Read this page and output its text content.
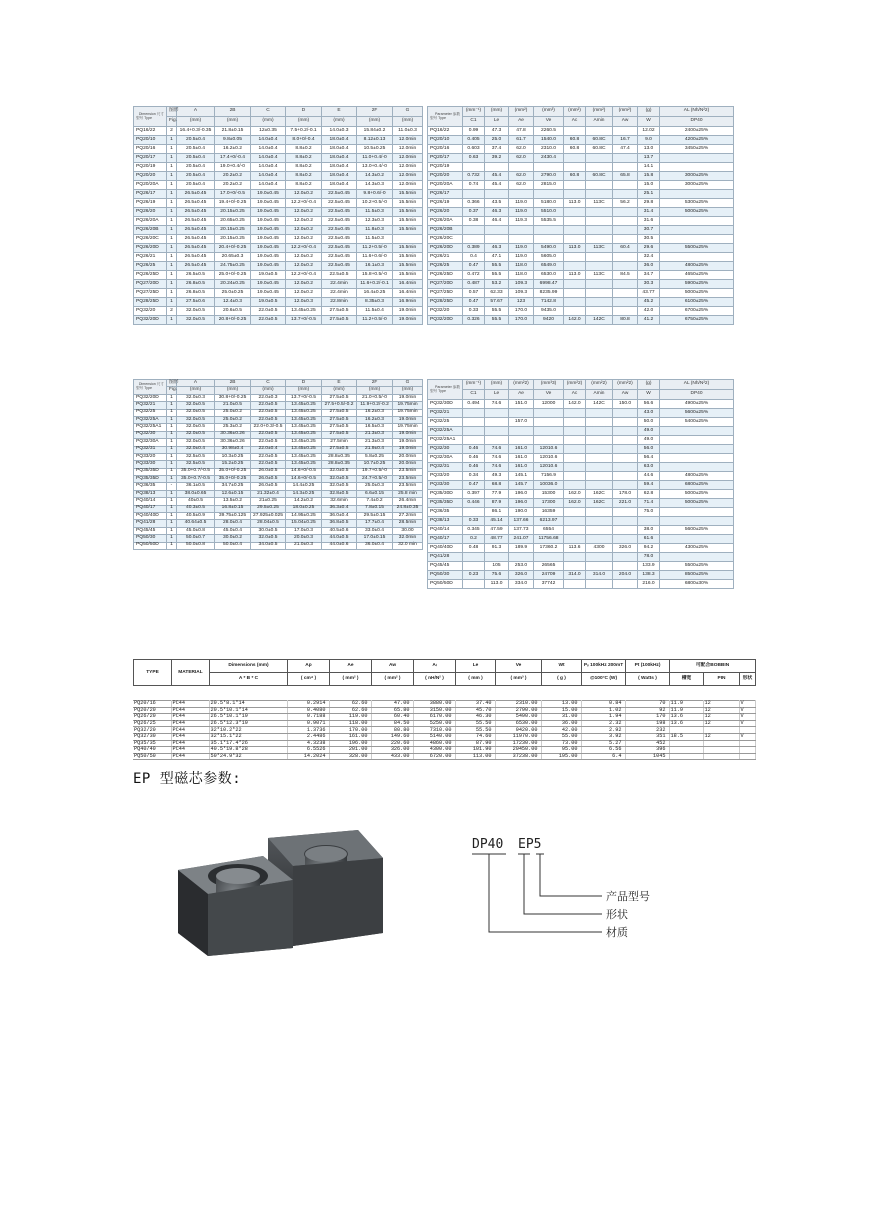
Dimension 尺寸
型号 Type	图形	A	2B	C	D	E	2F	G
	Fig.	(mm)	(mm)	(mm)	(mm)	(mm)	(mm)	(mm)
PQ16/22	2	16.4+0.3/-0.35	21.8±0.15	12±0.35	7.5+0.2/-0.1	14.0±0.3	15.84±0.2	11.0±0.3
PQ20/10	1	20.5±0.4	9.8±0.05	14.0±0.4	8.0+0/-0.4	18.0±0.4	8.12±0.13	12.0min
PQ20/16	1	20.5±0.4	16.2±0.2	14.0±0.4	8.8±0.2	18.0±0.4	10.5±0.25	12.0min
PQ20/17	1	20.5±0.4	17.4+0/-0.4	14.0±0.4	8.8±0.2	18.0±0.4	11.0+0.4/-0	12.0min
PQ20/19	1	20.5±0.4	19.0+0.4/-0	14.0±0.4	8.8±0.2	18.0±0.4	13.0+0.4/-0	12.0min
PQ20/20	1	20.5±0.4	20.2±0.2	14.0±0.4	8.8±0.2	18.0±0.4	14.3±0.2	12.0min
PQ20/20A	1	20.5±0.4	20.2±0.2	14.0±0.4	8.8±0.2	18.0±0.4	14.3±0.3	12.0min
PQ26/17	1	26.5±0.45	17.0+0/-0.5	19.0±0.45	12.0±0.2	22.5±0.45	9.8+0.6/-0	15.5min
PQ26/19	1	26.5±0.45	19.4+0/-0.25	19.0±0.45	12.2+0/-0.4	22.5±0.45	10.2+0.5/-0	15.5min
PQ26/20	1	26.5±0.45	20.15±0.25	19.0±0.45	12.0±0.2	22.5±0.45	11.5±0.3	15.5min
PQ26/20A	1	26.5±0.45	20.65±0.25	19.0±0.45	12.0±0.2	22.5±0.45	12.3±0.3	15.5min
PQ26/20B	1	26.5±0.45	20.15±0.25	19.0±0.45	12.0±0.2	22.5±0.45	11.8±0.3	15.5min
PQ26/20C	1	26.5±0.45	20.15±0.25	19.0±0.45	12.0±0.2	22.5±0.45	11.5±0.3	
PQ26/20D	1	26.5±0.45	20.4+0/-0.25	19.0±0.45	12.2+0/-0.4	22.5±0.45	11.2+0.5/-0	15.5min
PQ26/21	1	26.5±0.45	20.65±0.3	19.0±0.45	12.0±0.2	22.5±0.45	11.6+0.6/-0	15.5min
PQ26/25	1	26.5±0.45	24.75±0.25	19.0±0.45	12.0±0.2	22.5±0.45	16.1±0.3	15.5min
PQ26/25D	1	26.5±0.5	25.0+0/-0.25	19.0±0.5	12.2+0/-0.4	22.5±0.5	15.8+0.5/-0	15.5min
PQ27/20D	1	26.8±0.5	20.24±0.25	19.0±0.45	12.0±0.2	22.4min	11.6+0.2/-0.1	16.4min
PQ27/25D	1	26.8±0.5	25.0±0.25	19.0±0.45	12.0±0.2	22.4min	16.4±0.25	16.4min
PQ28/25D	1	27.5±0.6	12.4±0.3	19.0±0.5	12.0±0.3	22.8min	8.35±0.3	16.9min
PQ32/20	2	32.0±0.5	20.6±0.5	22.0±0.5	13.45±0.25	27.5±0.5	11.5±0.4	19.0min
PQ32/20D	1	32.0±0.5	20.8+0/-0.25	22.0±0.5	13.7+0/-0.5	27.5±0.5	11.2+0.5/-0	19.0min
Parameter 参数
型号 Type	(mm⁻¹)	(mm)	(mm²)	(mm³)	(mm²)	(mm²)	(mm²)	(g)	AL (Nh/N²2)
	C1	Le	Ae	Ve	Ac	Amin	Aw	W	DP40
PQ16/22	0.99	47.3	47.8	2260.5				12.02	2400±25%
PQ20/10	0.405	25.0	61.7	1540.0	60.8	60.8C	16.7	9.0	4200±25%
PQ20/16	0.603	37.4	62.0	2310.0	60.8	60.8C	47.4	13.0	3450±25%
PQ20/17	0.63	39.2	62.0	2430.4				13.7	
PQ20/19								14.1	
PQ20/20	0.732	45.4	62.0	2790.0	60.8	60.8C	65.8	15.8	3000±25%
PQ20/20A	0.74	45.4	62.0	2815.0				15.0	3000±25%
PQ26/17								25.1	
PQ26/19	0.366	43.5	119.0	5180.0	113.0	113C	56.2	29.8	5300±25%
PQ26/20	0.37	46.3	119.0	5510.0				31.4	5000±25%
PQ26/20A	0.38	46.4	119.3	5535.5				31.6	
PQ26/20B								30.7	
PQ26/20C								30.5	
PQ26/20D	0.389	46.3	119.0	5490.0	113.0	113C	60.4	29.6	5500±25%
PQ26/21	0.4	47.1	119.0	5605.0				32.4	
PQ26/25	0.47	55.5	118.0	6549.0				36.0	4800±25%
PQ26/25D	0.472	55.5	118.0	6530.0	113.0	113C	84.5	34.7	4650±25%
PQ27/20D	0.487	53.2	109.3	6998.47				30.3	5900±25%
PQ27/25D	0.57	62.33	109.3	8235.99				43.77	5000±25%
PQ28/25D	0.47	57.67	123	7142.8				45.2	6100±25%
PQ32/20	0.33	55.5	170.0	9435.0				42.0	6700±25%
PQ32/20D	0.326	55.5	170.0	9420	142.0	142C	80.8	41.2	6750±25%
Dimension 尺寸
型号 Type	图形	A	2B	C	D	E	2F	G
	Fig.	(mm)	(mm)	(mm)	(mm)	(mm)	(mm)	(mm)
PQ32/20D	1	32.0±0.3	30.8+0/-0.25	22.0±0.3	13.7+0/-0.5	27.5±0.5	21.0+0.5/-0	19.0min
PQ32/21	1	32.0±0.5	21.0±0.5	22.0±0.5	13.45±0.25	27.5+0.5/-0.2	11.9+0.2/-0.2	19.75min
PQ32/25	1	32.0±0.5	25.0±0.2	22.0±0.5	13.45±0.25	27.5±0.5	16.2±0.3	19.75min
PQ32/25A	1	32.0±0.5	25.0±0.2	22.0±0.5	13.45±0.25	27.5±0.5	16.2±0.3	19.0min
PQ32/25A1	1	32.0±0.5	25.3±0.2	22.0+0.3/-0.5	13.45±0.25	27.5±0.5	16.5±0.3	19.75min
PQ32/30	1	32.0±0.5	30.36±0.26	22.0±0.5	13.45±0.25	27.5±0.5	21.3±0.3	19.0min
PQ32/30A	1	32.0±0.5	30.36±0.26	22.0±0.5	13.45±0.25	27.5min	21.3±0.3	19.0min
PQ32/31	1	32.0±0.4	30.98±0.4	22.0±0.4	13.45±0.25	27.5±0.5	21.9±0.4	19.0min
PQ33/20	1	32.5±0.5	10.3±0.25	22.0±0.5	13.45±0.25	28.8±0.35	5.8±0.25	20.0min
PQ33/30	1	32.5±0.5	15.2±0.25	22.0±0.5	13.45±0.25	28.8±0.35	10.7±0.25	20.0min
PQ35/35D	1	35.0+0.7/-0.5	35.0+0/-0.25	26.0±0.5	14.6+0/-0.5	32.0±0.5	19.7+0.5/-0	23.5min
PQ35/35D	1	35.0+0.7/-0.5	35.0+0/-0.25	26.0±0.5	14.6+0/-0.5	32.0±0.5	24.7+0.5/-0	23.5min
PQ36/35	-	36.1±0.5	34.7±0.25	26.0±0.5	14.4±0.25	32.0±0.5	25.0±0.3	23.5min
PQ38/13	1	38.0±0.65	12.6±0.15	21.32±0.4	14.3±0.25	32.8±0.5	6.6±0.15	25.8 min
PQ40/14	1	40±0.5	13.5±0.2	21±0.25	14.2±0.2	32.6min	7.4±0.2	26.4min
PQ40/17	1	40.3±0.5	16.8±0.15	29.5±0.25	18.0±0.25	36.3±0.4	7.8±0.15	24.8±0.35
PQ40/40D	1	40.5±0.9	39.75±0.125	27.925±0.025	14.95±0.25	36.0±0.4	29.5±0.15	27.2min
PQ41/28	1	40.64±0.5	28.0±0.4	28.04±0.5	15.04±0.25	36.8±0.5	17.7±0.4	28.5min
PQ45/45	1	45.0±0.8	45.0±0.4	30.0±0.5	17.0±0.3	40.5±0.6	33.0±0.4	30.00
PQ50/30	1	50.0±0.7	30.0±0.2	32.0±0.5	20.0±0.3	44.0±0.5	17.0±0.15	32.0min
PQ50/50D	1	50.0±0.8	50.0±0.4	34.0±0.5	21.0±0.3	44.0±0.6	36.0±0.4	32.0 min
Parameter 参数
型号 Type	(mm⁻¹)	(mm)	(mm²2)	(mm³3)	(mm²2)	(mm²2)	(mm²2)	(g)	AL (Nh/N²2)
	C1	Le	Ae	Ve	Ac	Amin	Aw	W	DP40
PQ32/30D	0.494	74.6	151.0	12000	142.0	142C	150.0	56.6	4900±25%
PQ32/21								43.0	5600±25%
PQ32/25			157.0					50.0	5400±25%
PQ32/25A								49.0	
PQ32/25A1								49.0	
PQ32/30	0.46	74.6	161.0	12010.6				56.0	
PQ32/30A	0.46	74.6	161.0	12010.6				56.4	
PQ32/31	0.46	74.6	161.0	12010.6				63.0	
PQ33/20	0.34	49.3	145.1	7156.9				44.6	4800±25%
PQ33/30	0.47	68.8	145.7	10036.0				59.4	6800±25%
PQ35/30D	0.397	77.9	196.0	15300	162.0	162C	178.0	62.8	5000±25%
PQ35/35D	0.446	87.9	196.0	17300	162.0	162C	221.0	71.4	5000±25%
PQ36/35		86.1	190.0	16359				75.0	
PQ38/13	0.33	45.14	137.66	6213.97					
PQ40/14	0.345	47.59	137.73	6554				38.0	5600±25%
PQ40/17	0.2	48.77	241.07	11756.68				61.6	
PQ40/40D	0.48	91.3	189.9	17360.2	113.6	4300	326.0	94.2	4300±25%
PQ41/28								78.0	
PQ45/45		105	253.0	26565				133.9	5500±25%
PQ50/30	0.23	75.6	326.0	24709	314.0	314.0	204.0	138.3	8500±25%
PQ50/50D		113.0	334.0	37742				216.0	6800±30%
TYPE	MATERIAL	Dimensions (mm)	Ap	Ae	Aw	Aₗ	Le	Ve	Wt	Pᵥ 100kHz 200mT	Pt (100kHz)	可配合BOBBIN		
		A * B * C	( cm⁴ )	( mm² )	( mm² )	( nH/N² )	( mm )	( mm³ )	( g )	@100°C (W)	( Watts )	槽宽	PIN	形状
PQ20/16	PC44	20.5*8.1*14	0.2914	62.60	47.00	3880.00	37.40	2310.00	13.00	0.84	70	11.9	12	V
PQ20/20	PC44	20.5*10.1*14	0.4080	62.60	65.80	3150.00	45.70	2790.00	15.00	1.02	92	11.9	12	V
PQ26/20	PC44	26.5*10.1*19	0.7188	119.00	60.40	6170.00	46.30	5490.00	31.00	1.94	170	13.6	12	V
PQ26/25	PC44	26.5*12.3*19	0.9071	118.00	84.50	5250.00	55.50	6530.00	36.00	2.32	198	13.6	12	V
PQ32/20	PC44	32*10.2*22	1.3736	170.00	80.80	7310.00	55.50	9420.00	42.00	2.92	232			
PQ32/30	PC44	32*15.1*22	2.4486	161.00	149.60	5140.00	74.60	11970.00	55.00	3.92	351	18.5	12	V
PQ35/35	PC44	35.1*17.4*26	4.3238	196.00	220.60	4860.00	87.90	17230.00	73.00	5.27	452			
PQ40/40	PC44	40.5*19.8*28	6.5526	201.00	326.00	4300.00	101.90	20450.00	95.00	6.56	396			
PQ50/50	PC44	50*24.9*32	14.2024	328.00	433.00	6720.00	113.00	37238.00	195.00	6.4	1045			
EP 型磁芯参数:
DP40 EP5
产品型号
形状
材质
